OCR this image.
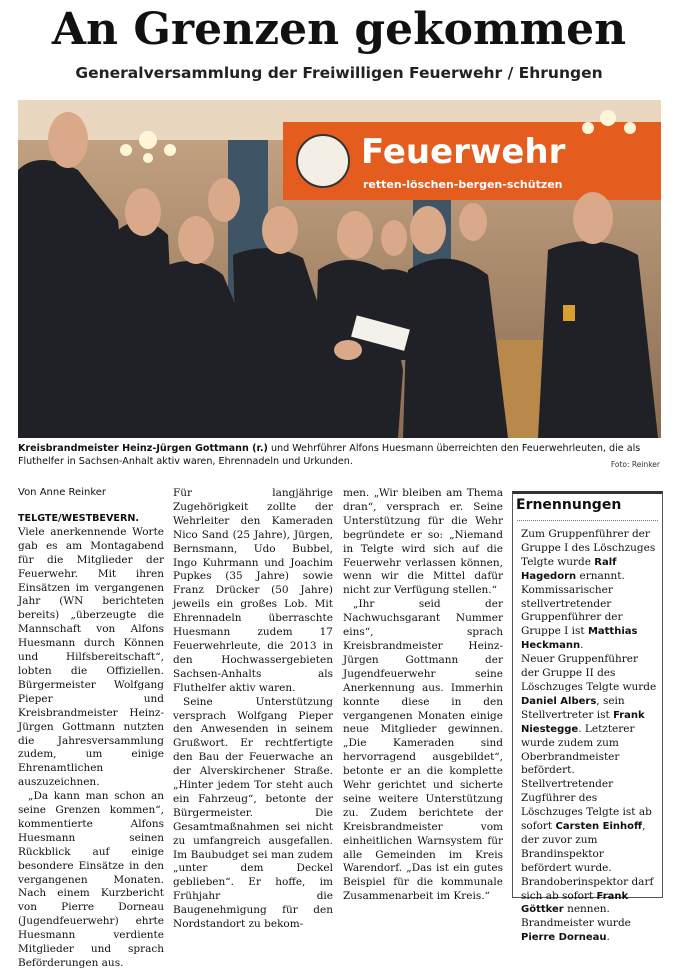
An Grenzen gekommen
Generalversammlung der Freiwilligen Feuerwehr / Ehrungen
Feuerwehr
retten-löschen-bergen-schützen
Kreisbrandmeister Heinz-Jürgen Gottmann (r.) und Wehrführer Alfons Huesmann überreichten den Feuerwehrleuten, die als Fluthelfer in Sachsen-Anhalt aktiv waren, Ehrennadeln und Urkunden.	Foto: Reinker
Von Anne Reinker

TELGTE/WESTBEVERN. Viele anerkennende Worte gab es am Montagabend für die Mitglieder der Feuerwehr. Mit ihren Einsätzen im vergangenen Jahr (WN berichteten bereits) „überzeugte die Mannschaft von Alfons Huesmann durch Können und Hilfsbereitschaft“, lobten die Offiziellen. Bürgermeister Wolfgang Pieper und Kreisbrandmeister Heinz-Jürgen Gottmann nutzten die Jahresversammlung zudem, um einige Ehrenamtlichen auszuzeichnen.

„Da kann man schon an seine Grenzen kommen“, kommentierte Alfons Huesmann seinen Rückblick auf einige besondere Einsätze in den vergangenen Monaten. Nach einem Kurzbericht von Pierre Dorneau (Jugendfeuerwehr) ehrte Huesmann verdiente Mitglieder und sprach Beförderungen aus.

Für langjährige Zugehörigkeit zollte der Wehrleiter den Kameraden Nico Sand (25 Jahre), Jürgen, Bernsmann, Udo Bubbel, Ingo Kuhrmann und Joachim Pupkes (35 Jahre) sowie Franz Drücker (50 Jahre) jeweils ein großes Lob. Mit Ehrennadeln überraschte Huesmann zudem 17 Feuerwehrleute, die 2013 in den Hochwassergebieten Sachsen-Anhalts als Fluthelfer aktiv waren.

Seine Unterstützung versprach Wolfgang Pieper den Anwesenden in seinem Grußwort. Er rechtfertigte den Bau der Feuerwache an der Alverskirchener Straße. „Hinter jedem Tor steht auch ein Fahrzeug“, betonte der Bürgermeister. Die Gesamtmaßnahmen sei nicht zu umfangreich ausgefallen. Im Baubudget sei man zudem „unter dem Deckel geblieben“. Er hoffe, im Frühjahr die Baugenehmigung für den Nordstandort zu bekom-

men. „Wir bleiben am Thema dran“, versprach er. Seine Unterstützung für die Wehr begründete er so: „Niemand in Telgte wird sich auf die Feuerwehr verlassen können, wenn wir die Mittel dafür nicht zur Verfügung stellen.“

„Ihr seid der Nachwuchsgarant Nummer eins“, sprach Kreisbrandmeister Heinz-Jürgen Gottmann der Jugendfeuerwehr seine Anerkennung aus. Immerhin konnte diese in den vergangenen Monaten einige neue Mitglieder gewinnen. „Die Kameraden sind hervorragend ausgebildet“, betonte er an die komplette Wehr gerichtet und sicherte seine weitere Unterstützung zu. Zudem berichtete der Kreisbrandmeister vom einheitlichen Warnsystem für alle Gemeinden im Kreis Warendorf. „Das ist ein gutes Beispiel für die kommunale Zusammenarbeit im Kreis.“

Ernennungen

Zum Gruppenführer der Gruppe I des Löschzuges Telgte wurde Ralf Hagedorn ernannt.

Kommissarischer stellvertretender Gruppenführer der Gruppe I ist Matthias Heckmann.

Neuer Gruppenführer der Gruppe II des Löschzuges Telgte wurde Daniel Albers, sein Stellvertreter ist Frank Niestegge. Letzterer wurde zudem zum Oberbrandmeister befördert.

Stellvertretender Zugführer des Löschzuges Telgte ist ab sofort Carsten Einhoff, der zuvor zum Brandinspektor befördert wurde.

Brandoberinspektor darf sich ab sofort Frank Göttker nennen. Brandmeister wurde Pierre Dorneau.
